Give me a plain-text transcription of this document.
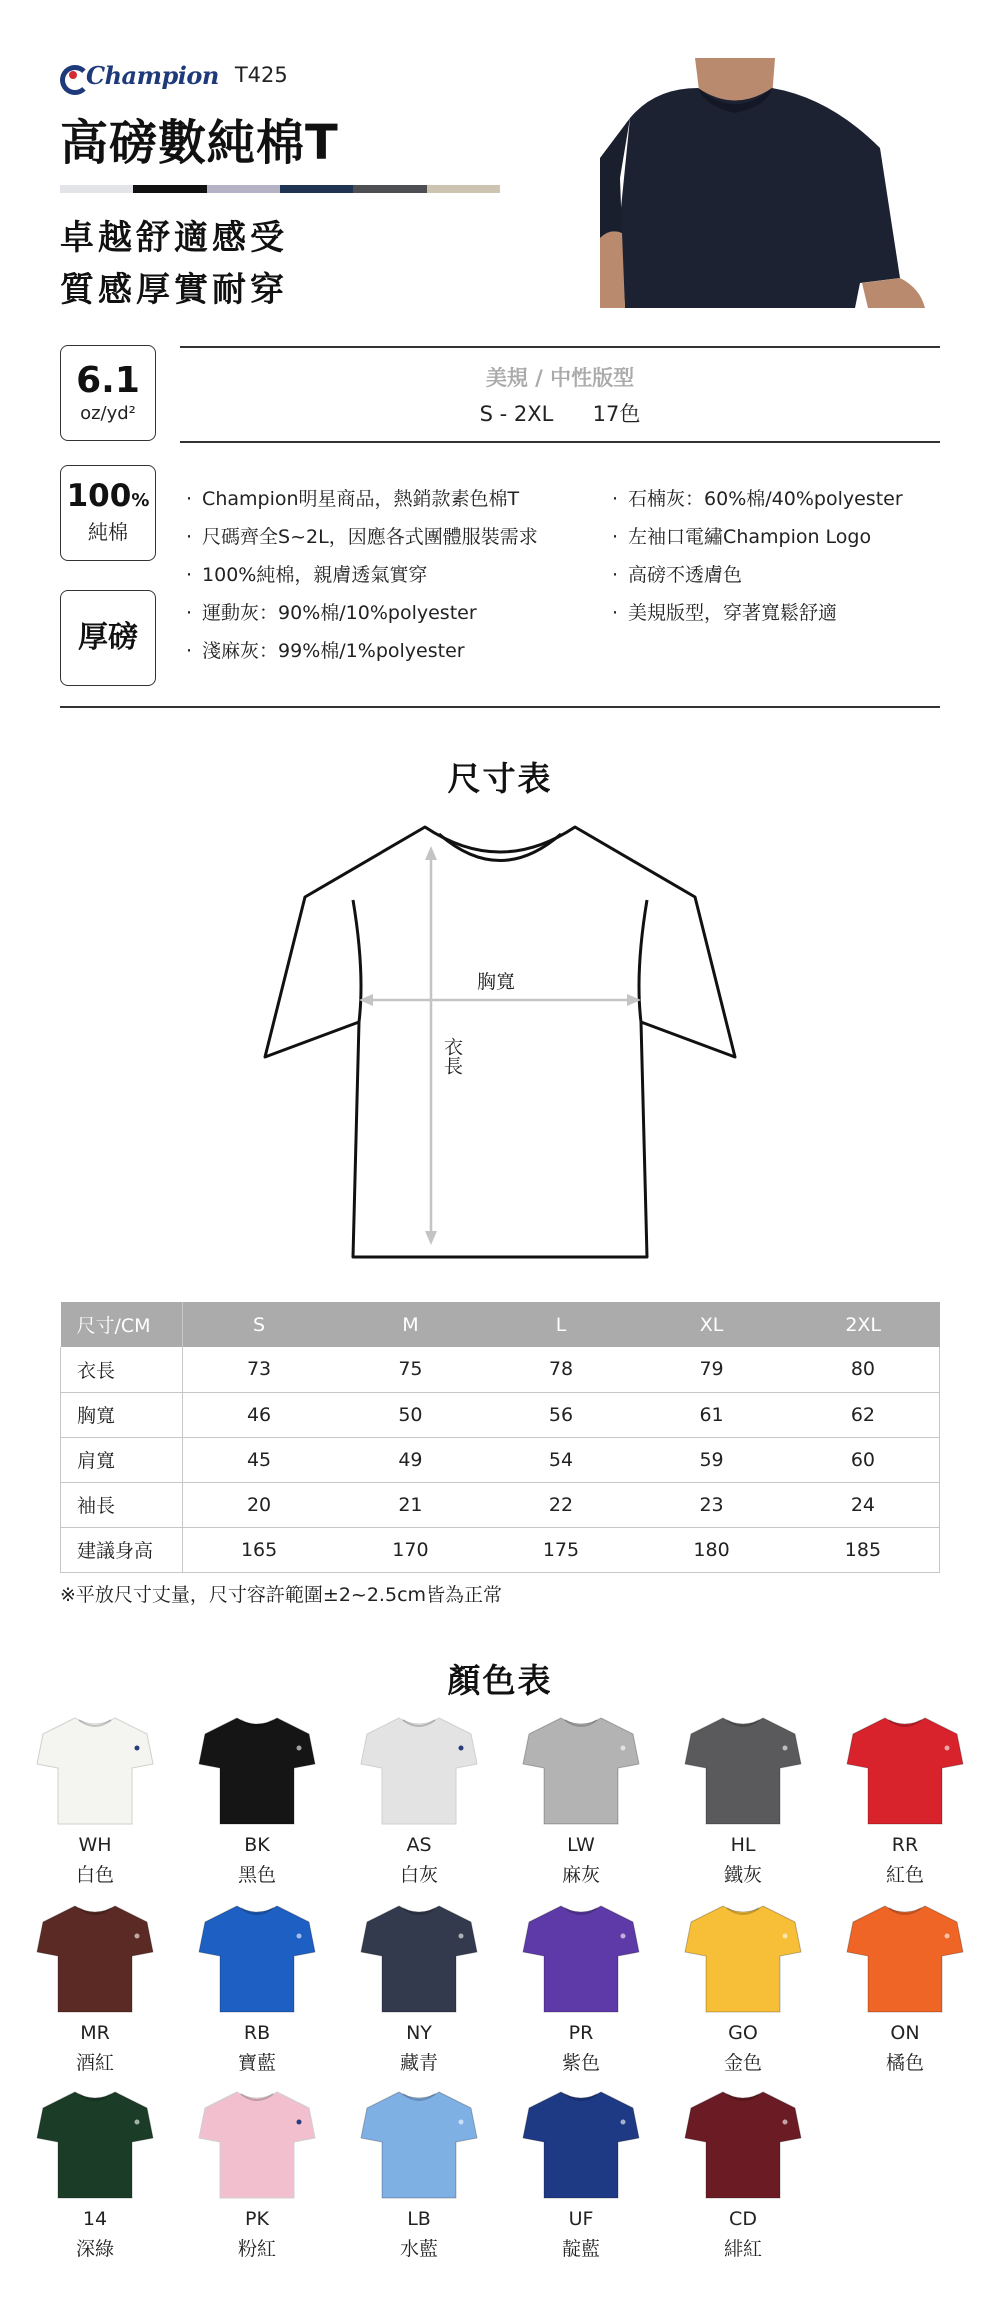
Champion T425
高磅數純棉T
卓越舒適感受
質感厚實耐穿
6.1
oz/yd²
美規 / 中性版型
S - 2XL 17色
100%
純棉
厚磅
· Champion明星商品，熱銷款素色棉T
· 尺碼齊全S~2L，因應各式團體服裝需求
· 100%純棉，親膚透氣實穿
· 運動灰：90%棉/10%polyester
· 淺麻灰：99%棉/1%polyester
· 石楠灰：60%棉/40%polyester
· 左袖口電繡Champion Logo
· 高磅不透膚色
· 美規版型，穿著寬鬆舒適
尺寸表
胸寬
衣長
尺寸/CM	S	M	L	XL	2XL
衣長	73	75	78	79	80
胸寬	46	50	56	61	62
肩寬	45	49	54	59	60
袖長	20	21	22	23	24
建議身高	165	170	175	180	185
※平放尺寸丈量，尺寸容許範圍±2~2.5cm皆為正常
顏色表
WH
白色
BK
黑色
AS
白灰
LW
麻灰
HL
鐵灰
RR
紅色
MR
酒紅
RB
寶藍
NY
藏青
PR
紫色
GO
金色
ON
橘色
14
深綠
PK
粉紅
LB
水藍
UF
靛藍
CD
緋紅
